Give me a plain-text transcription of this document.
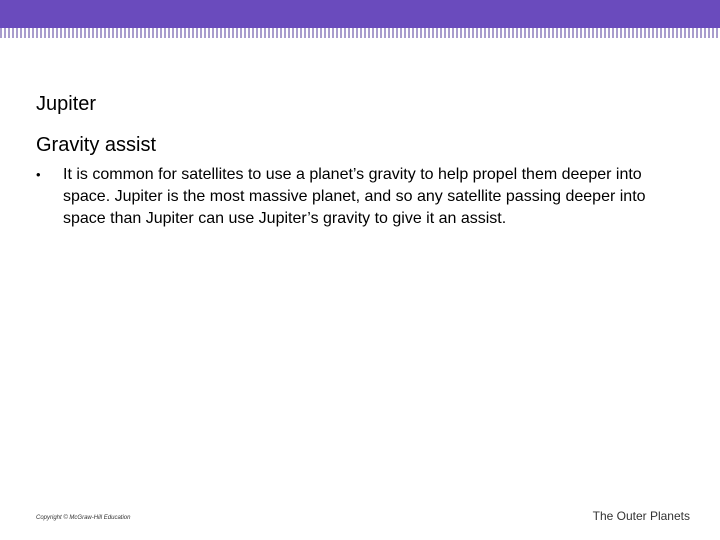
Jupiter
Gravity assist
•	It is common for satellites to use a planet’s gravity to help propel them deeper into space. Jupiter is the most massive planet, and so any satellite passing deeper into space than Jupiter can use Jupiter’s gravity to give it an assist.
Copyright © McGraw-Hill Education	The Outer Planets
